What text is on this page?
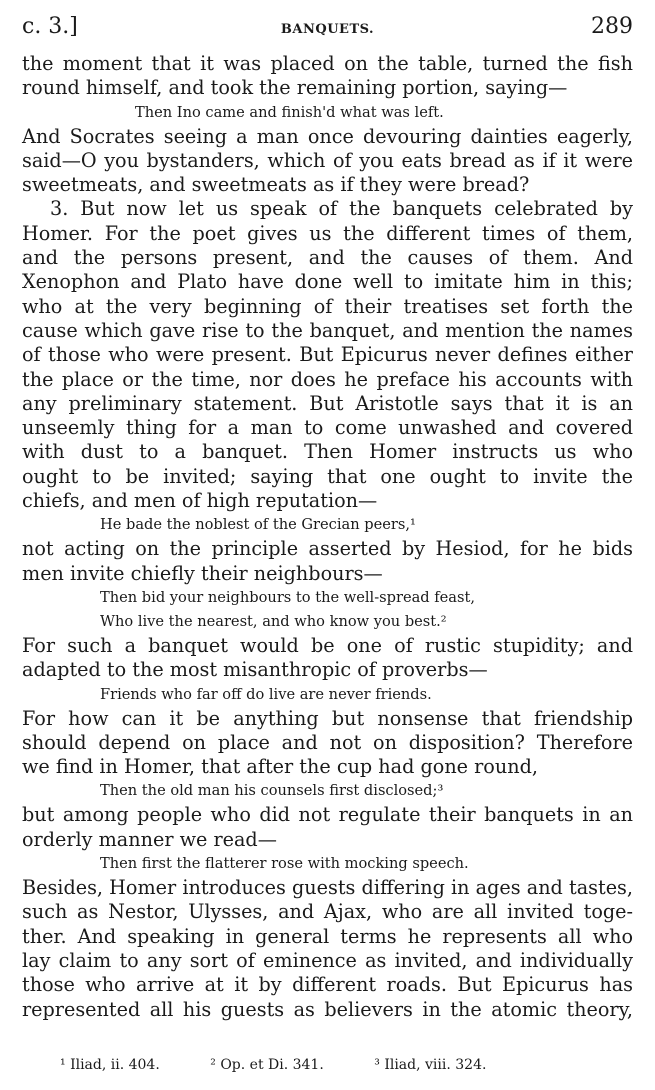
c. 3.]	BANQUETS.	289
the moment that it was placed on the table, turned the fish
round himself, and took the remaining portion, saying—
Then Ino came and finish'd what was left.
And Socrates seeing a man once devouring dainties eagerly,
said—O you bystanders, which of you eats bread as if it were
sweetmeats, and sweetmeats as if they were bread?
3. But now let us speak of the banquets celebrated by
Homer. For the poet gives us the different times of them,
and the persons present, and the causes of them. And
Xenophon and Plato have done well to imitate him in this;
who at the very beginning of their treatises set forth the
cause which gave rise to the banquet, and mention the names
of those who were present. But Epicurus never defines either
the place or the time, nor does he preface his accounts with
any preliminary statement. But Aristotle says that it is an
unseemly thing for a man to come unwashed and covered
with dust to a banquet. Then Homer instructs us who
ought to be invited; saying that one ought to invite the
chiefs, and men of high reputation—
He bade the noblest of the Grecian peers,¹
not acting on the principle asserted by Hesiod, for he bids
men invite chiefly their neighbours—
Then bid your neighbours to the well-spread feast,
Who live the nearest, and who know you best.²
For such a banquet would be one of rustic stupidity; and
adapted to the most misanthropic of proverbs—
Friends who far off do live are never friends.
For how can it be anything but nonsense that friendship
should depend on place and not on disposition? Therefore
we find in Homer, that after the cup had gone round,
Then the old man his counsels first disclosed;³
but among people who did not regulate their banquets in an
orderly manner we read—
Then first the flatterer rose with mocking speech.
Besides, Homer introduces guests differing in ages and tastes,
such as Nestor, Ulysses, and Ajax, who are all invited toge-
ther. And speaking in general terms he represents all who
lay claim to any sort of eminence as invited, and individually
those who arrive at it by different roads. But Epicurus has
represented all his guests as believers in the atomic theory,
¹ Iliad, ii. 404.	² Op. et Di. 341.	³ Iliad, viii. 324.
